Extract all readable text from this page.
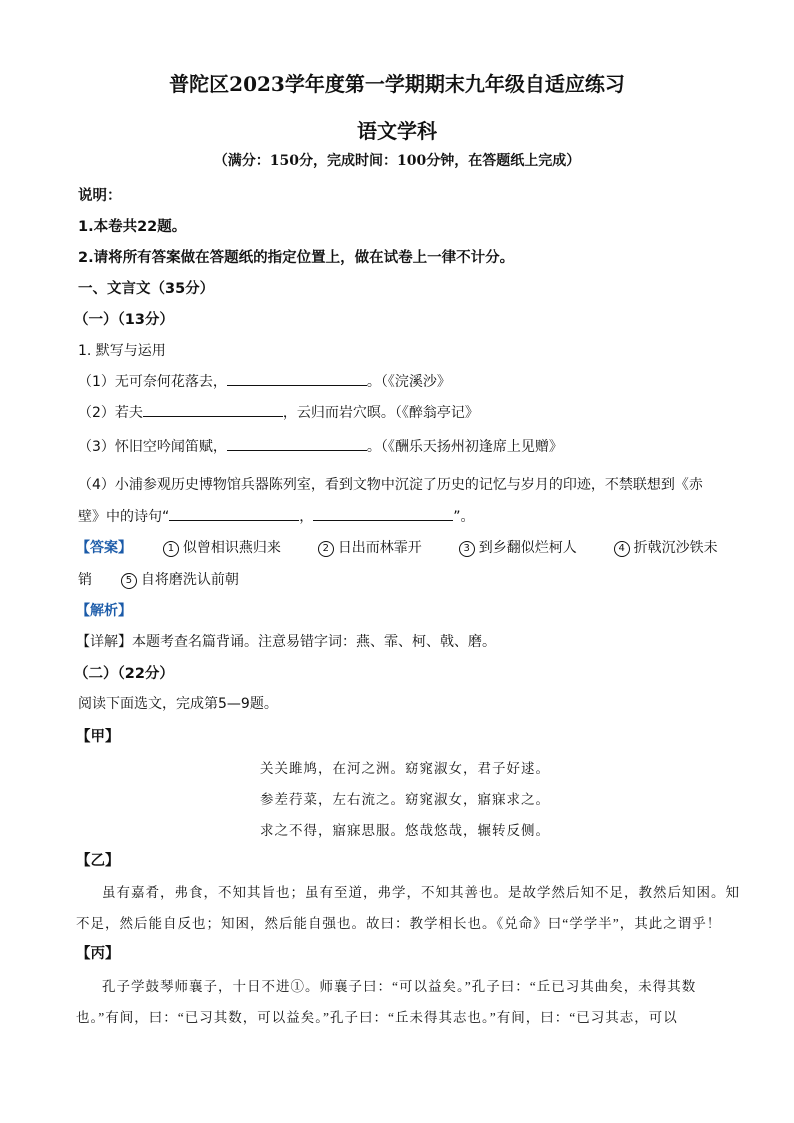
普陀区2023学年度第一学期期末九年级自适应练习
语文学科
（满分：150分，完成时间：100分钟，在答题纸上完成）
说明：
1.本卷共22题。
2.请将所有答案做在答题纸的指定位置上，做在试卷上一律不计分。
一、文言文（35分）
（一）（13分）
1. 默写与运用
（1）无可奈何花落去，	。（《浣溪沙》
（2）若夫	，云归而岩穴暝。（《醉翁亭记》
（3）怀旧空吟闻笛赋，	。（《酬乐天扬州初逢席上见赠》
（4）小浦参观历史博物馆兵器陈列室，看到文物中沉淀了历史的记忆与岁月的印迹，不禁联想到《赤
壁》中的诗句“	，	”。
【答案】	1 似曾相识燕归来	2 日出而林霏开	3 到乡翻似烂柯人	4 折戟沉沙铁未
销	5 自将磨洗认前朝
【解析】
【详解】本题考查名篇背诵。注意易错字词：燕、霏、柯、戟、磨。
（二）（22分）
阅读下面选文，完成第5—9题。
【甲】
关关雎鸠，在河之洲。窈窕淑女，君子好逑。
参差荇菜，左右流之。窈窕淑女，寤寐求之。
求之不得，寤寐思服。悠哉悠哉，辗转反侧。
【乙】
虽有嘉肴，弗食，不知其旨也；虽有至道，弗学，不知其善也。是故学然后知不足，教然后知困。知
不足，然后能自反也；知困，然后能自强也。故曰：教学相长也。《兑命》曰“学学半”，其此之谓乎！
【丙】
孔子学鼓琴师襄子，十日不进①。师襄子曰：“可以益矣。”孔子曰：“丘已习其曲矣，未得其数
也。”有间，曰：“已习其数，可以益矣。”孔子曰：“丘未得其志也。”有间，曰：“已习其志，可以
